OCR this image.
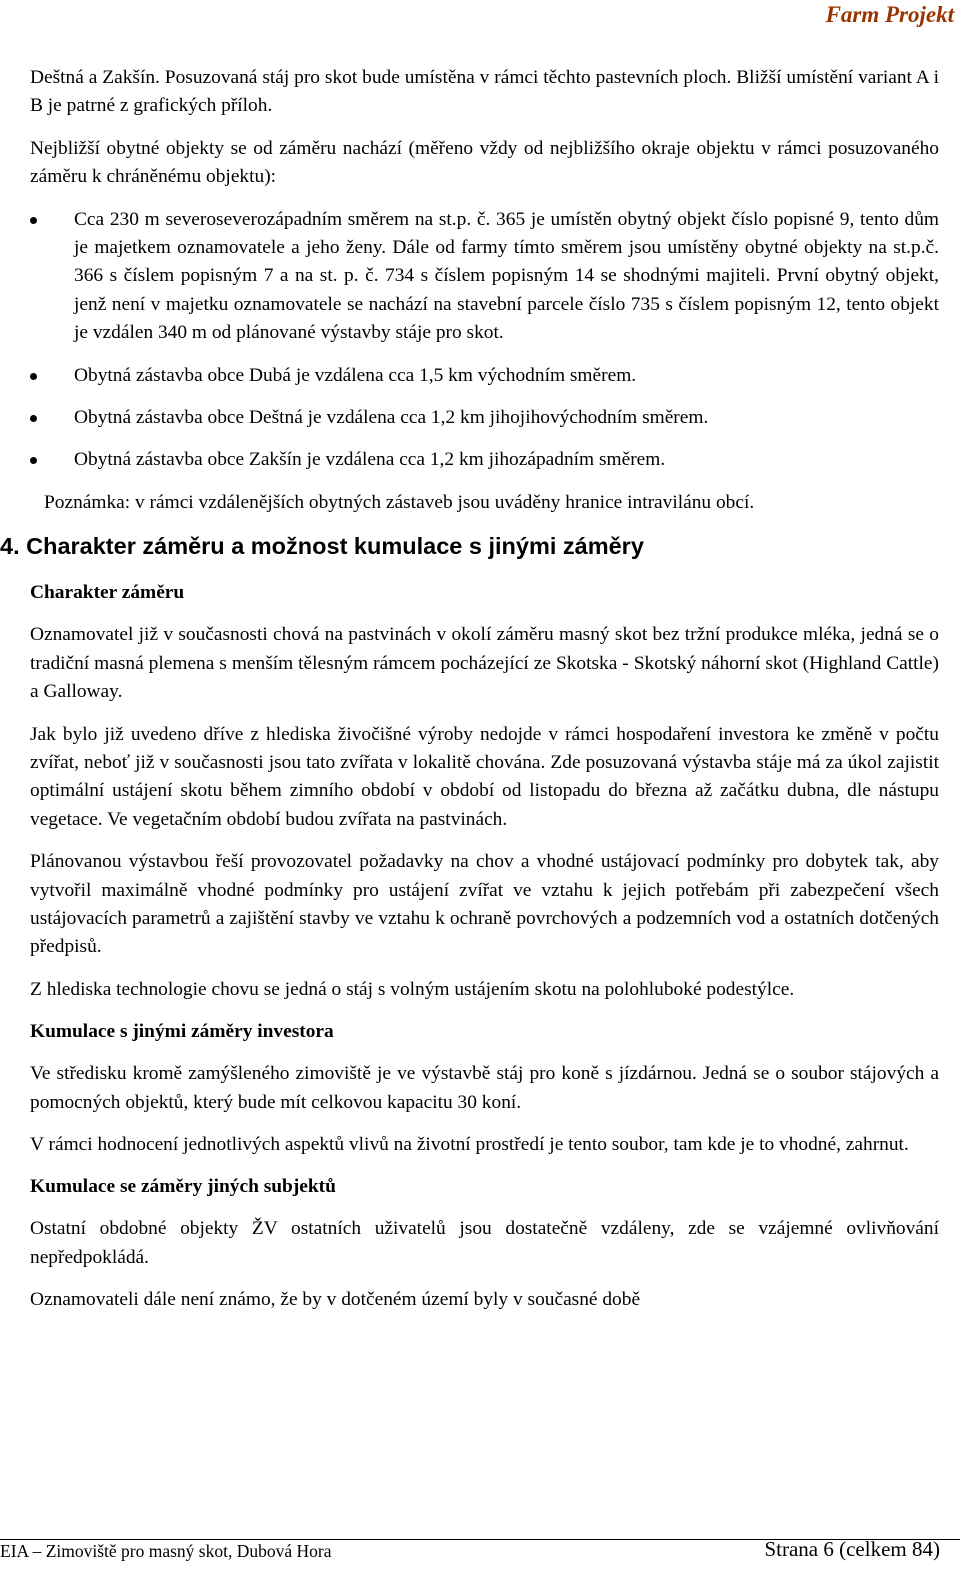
Farm Projekt

Deštná a Zakšín. Posuzovaná stáj pro skot bude umístěna v rámci těchto pastevních ploch. Bližší umístění variant A i B je patrné z grafických příloh.

Nejbližší obytné objekty se od záměru nachází (měřeno vždy od nejbližšího okraje objektu v rámci posuzovaného záměru k chráněnému objektu):

Cca 230 m severoseverozápadním směrem na st.p. č. 365 je umístěn obytný objekt číslo popisné 9, tento dům je majetkem oznamovatele a jeho ženy. Dále od farmy tímto směrem jsou umístěny obytné objekty na st.p.č. 366 s číslem popisným 7 a na st. p. č. 734 s číslem popisným 14 se shodnými majiteli. První obytný objekt, jenž není v majetku oznamovatele se nachází na stavební parcele číslo 735 s číslem popisným 12, tento objekt je vzdálen 340 m od plánované výstavby stáje pro skot.
Obytná zástavba obce Dubá je vzdálena cca 1,5 km východním směrem.
Obytná zástavba obce Deštná je vzdálena cca 1,2 km jihojihovýchodním směrem.
Obytná zástavba obce Zakšín je vzdálena cca 1,2 km jihozápadním směrem.

Poznámka: v rámci vzdálenějších obytných zástaveb jsou uváděny hranice intravilánu obcí.

4. Charakter záměru a možnost kumulace s jinými záměry
Charakter záměru

Oznamovatel již v současnosti chová na pastvinách v okolí záměru masný skot bez tržní produkce mléka, jedná se o tradiční masná plemena s menším tělesným rámcem pocházející ze Skotska - Skotský náhorní skot (Highland Cattle) a Galloway.

Jak bylo již uvedeno dříve z hlediska živočišné výroby nedojde v rámci hospodaření investora ke změně v počtu zvířat, neboť již v současnosti jsou tato zvířata v lokalitě chována. Zde posuzovaná výstavba stáje má za úkol zajistit optimální ustájení skotu během zimního období v období od listopadu do března až začátku dubna, dle nástupu vegetace. Ve vegetačním období budou zvířata na pastvinách.

Plánovanou výstavbou řeší provozovatel požadavky na chov a vhodné ustájovací podmínky pro dobytek tak, aby vytvořil maximálně vhodné podmínky pro ustájení zvířat ve vztahu k jejich potřebám při zabezpečení všech ustájovacích parametrů a zajištění stavby ve vztahu k ochraně povrchových a podzemních vod a ostatních dotčených předpisů.

Z hlediska technologie chovu se jedná o stáj s volným ustájením skotu na polohluboké podestýlce.

Kumulace s jinými záměry investora

Ve středisku kromě zamýšleného zimoviště je ve výstavbě stáj pro koně s jízdárnou. Jedná se o soubor stájových a pomocných objektů, který bude mít celkovou kapacitu 30 koní.

V rámci hodnocení jednotlivých aspektů vlivů na životní prostředí je tento soubor, tam kde je to vhodné, zahrnut.

Kumulace se záměry jiných subjektů

Ostatní obdobné objekty ŽV ostatních uživatelů jsou dostatečně vzdáleny, zde se vzájemné ovlivňování nepředpokládá.

Oznamovateli dále není známo, že by v dotčeném území byly v současné době

EIA – Zimoviště pro masný skot, Dubová Hora	Strana 6 (celkem 84)
